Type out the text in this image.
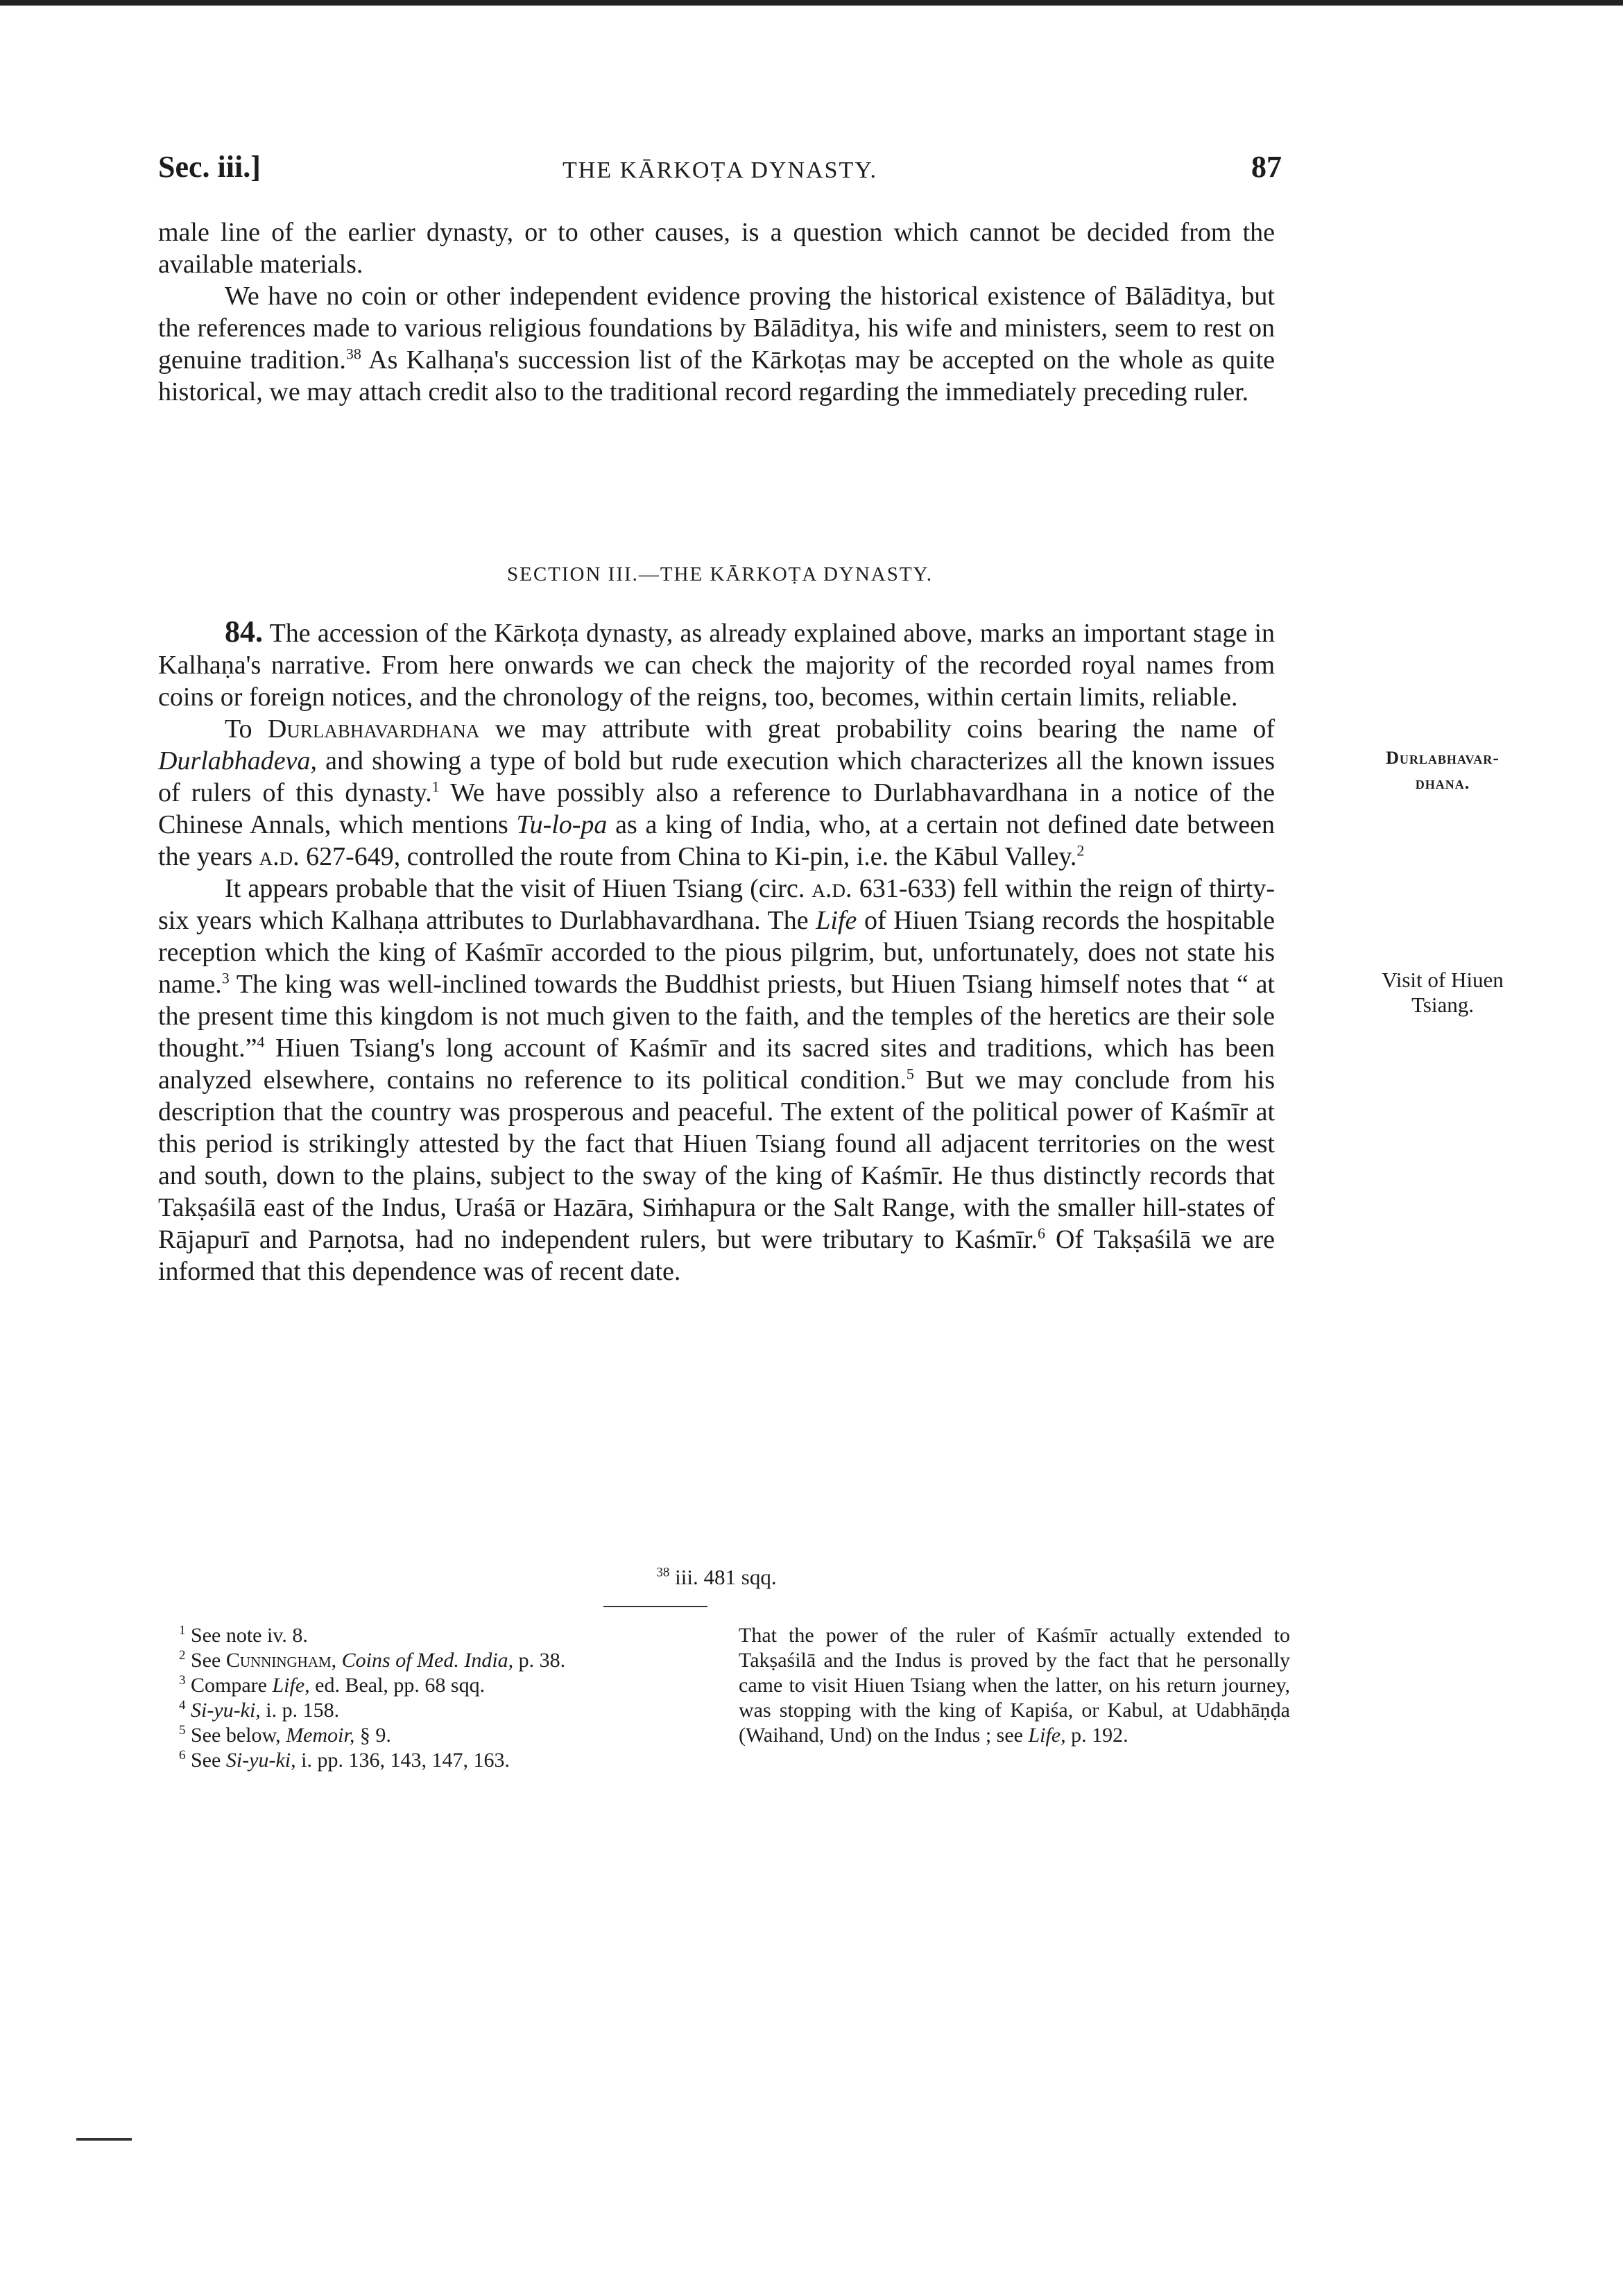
Sec. iii.]	THE KĀRKOṬA DYNASTY.	87

male line of the earlier dynasty, or to other causes, is a question which cannot be decided from the available materials.

We have no coin or other independent evidence proving the historical existence of Bālāditya, but the references made to various religious foundations by Bālāditya, his wife and ministers, seem to rest on genuine tradition.$^{38}$ As Kalhaṇa's succession list of the Kārkoṭas may be accepted on the whole as quite historical, we may attach credit also to the traditional record regarding the immediately preceding ruler.

SECTION III.—THE KĀRKOṬA DYNASTY.

84. The accession of the Kārkoṭa dynasty, as already explained above, marks an important stage in Kalhaṇa's narrative. From here onwards we can check the majority of the recorded royal names from coins or foreign notices, and the chronology of the reigns, too, becomes, within certain limits, reliable.

To Durlabhavardhana we may attribute with great probability coins bearing the name of Durlabhadeva, and showing a type of bold but rude execution which characterizes all the known issues of rulers of this dynasty.$^1$ We have possibly also a reference to Durlabhavardhana in a notice of the Chinese Annals, which mentions Tu-lo-pa as a king of India, who, at a certain not defined date between the years a.d. 627-649, controlled the route from China to Ki-pin, i.e. the Kābul Valley.$^2$

It appears probable that the visit of Hiuen Tsiang (circ. a.d. 631-633) fell within the reign of thirty-six years which Kalhaṇa attributes to Durlabhavardhana. The Life of Hiuen Tsiang records the hospitable reception which the king of Kaśmīr accorded to the pious pilgrim, but, unfortunately, does not state his name.$^3$ The king was well-inclined towards the Buddhist priests, but Hiuen Tsiang himself notes that “ at the present time this kingdom is not much given to the faith, and the temples of the heretics are their sole thought.”$^4$ Hiuen Tsiang's long account of Kaśmīr and its sacred sites and traditions, which has been analyzed elsewhere, contains no reference to its political condition.$^5$ But we may conclude from his description that the country was prosperous and peaceful. The extent of the political power of Kaśmīr at this period is strikingly attested by the fact that Hiuen Tsiang found all adjacent territories on the west and south, down to the plains, subject to the sway of the king of Kaśmīr. He thus distinctly records that Takṣaśilā east of the Indus, Uraśā or Hazāra, Siṁhapura or the Salt Range, with the smaller hill-states of Rājapurī and Parṇotsa, had no independent rulers, but were tributary to Kaśmīr.$^6$ Of Takṣaśilā we are informed that this dependence was of recent date.

Durlabhavar-
dhana.
Visit of Hiuen
Tsiang.
$^{38}$ iii. 481 sqq.
$^1$ See note iv. 8.
$^2$ See Cunningham, Coins of Med. India, p. 38.
$^3$ Compare Life, ed. Beal, pp. 68 sqq.
$^4$ Si-yu-ki, i. p. 158.
$^5$ See below, Memoir, § 9.
$^6$ See Si-yu-ki, i. pp. 136, 143, 147, 163.
That the power of the ruler of Kaśmīr actually extended to Takṣaśilā and the Indus is proved by the fact that he personally came to visit Hiuen Tsiang when the latter, on his return journey, was stopping with the king of Kapiśa, or Kabul, at Udabhāṇḍa (Waihand, Und) on the Indus ; see Life, p. 192.
